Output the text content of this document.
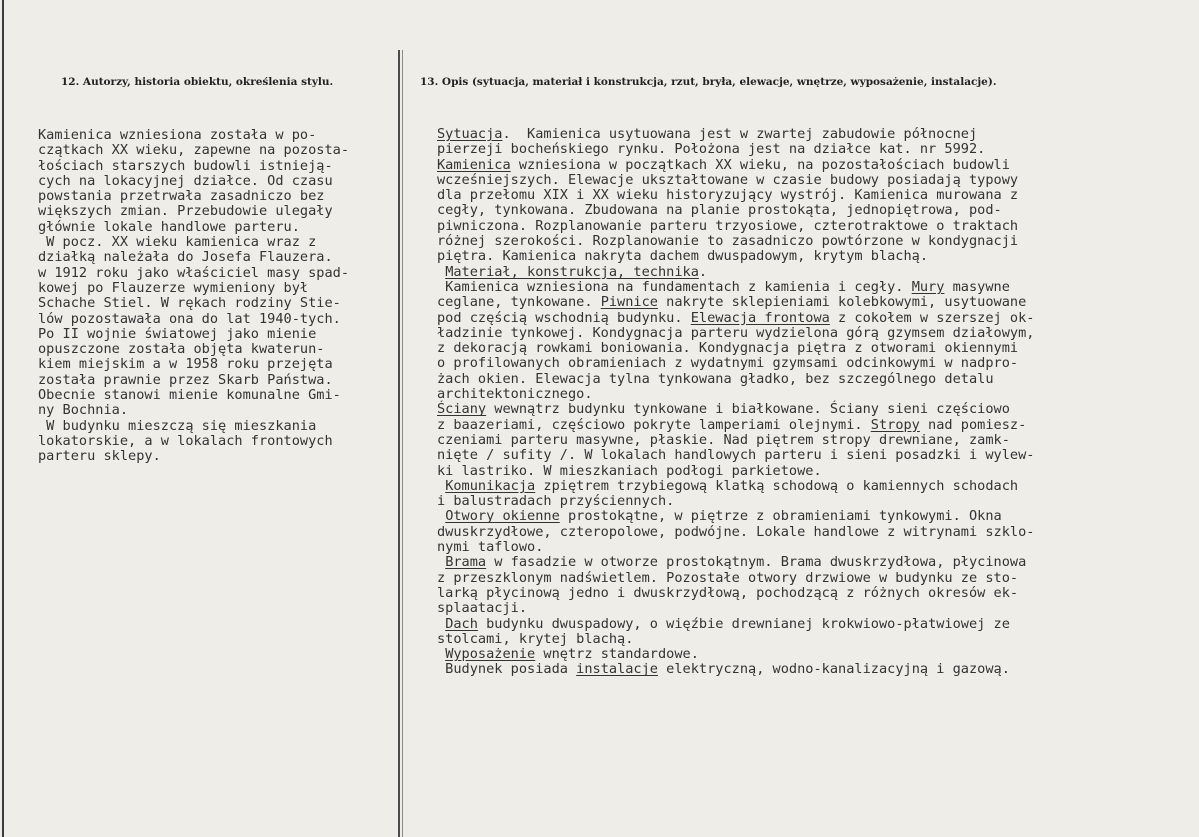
12. Autorzy, historia obiektu, określenia stylu.	13. Opis (sytuacja, materiał i konstrukcja, rzut, bryła, elewacje, wnętrze, wyposażenie, instalacje).
Kamienica wzniesiona została w po-
czątkach XX wieku, zapewne na pozosta-
łościach starszych budowli istnieją-
cych na lokacyjnej działce. Od czasu
powstania przetrwała zasadniczo bez
większych zmian. Przebudowie ulegały
głównie lokale handlowe parteru.
W pocz. XX wieku kamienica wraz z
działką należała do Josefa Flauzera.
w 1912 roku jako właściciel masy spad-
kowej po Flauzerze wymieniony był
Schache Stiel. W rękach rodziny Stie-
lów pozostawała ona do lat 1940-tych.
Po II wojnie światowej jako mienie
opuszczone została objęta kwaterun-
kiem miejskim a w 1958 roku przejęta
została prawnie przez Skarb Państwa.
Obecnie stanowi mienie komunalne Gmi-
ny Bochnia.
W budynku mieszczą się mieszkania
lokatorskie, a w lokalach frontowych
parteru sklepy.
Sytuacja.  Kamienica usytuowana jest w zwartej zabudowie północnej
pierzeji bocheńskiego rynku. Położona jest na działce kat. nr 5992.
Kamienica wzniesiona w początkach XX wieku, na pozostałościach budowli
wcześniejszych. Elewacje ukształtowane w czasie budowy posiadają typowy
dla przełomu XIX i XX wieku historyzujący wystrój. Kamienica murowana z
cegły, tynkowana. Zbudowana na planie prostokąta, jednopiętrowa, pod-
piwniczona. Rozplanowanie parteru trzyosiowe, czterotraktowe o traktach
różnej szerokości. Rozplanowanie to zasadniczo powtórzone w kondygnacji
piętra. Kamienica nakryta dachem dwuspadowym, krytym blachą.
Materiał, konstrukcja, technika.
Kamienica wzniesiona na fundamentach z kamienia i cegły. Mury masywne
ceglane, tynkowane. Piwnice nakryte sklepieniami kolebkowymi, usytuowane
pod częścią wschodnią budynku. Elewacja frontowa z cokołem w szerszej ok-
ładzinie tynkowej. Kondygnacja parteru wydzielona górą gzymsem działowym,
z dekoracją rowkami boniowania. Kondygnacja piętra z otworami okiennymi
o profilowanych obramieniach z wydatnymi gzymsami odcinkowymi w nadpro-
żach okien. Elewacja tylna tynkowana gładko, bez szczególnego detalu
architektonicznego.
Ściany wewnątrz budynku tynkowane i białkowane. Ściany sieni częściowo
z baazeriami, częściowo pokryte lamperiami olejnymi. Stropy nad pomiesz-
czeniami parteru masywne, płaskie. Nad piętrem stropy drewniane, zamk-
nięte / sufity /. W lokalach handlowych parteru i sieni posadzki i wylew-
ki lastriko. W mieszkaniach podłogi parkietowe.
Komunikacja zpiętrem trzybiegową klatką schodową o kamiennych schodach
i balustradach przyściennych.
Otwory okienne prostokątne, w piętrze z obramieniami tynkowymi. Okna
dwuskrzydłowe, czteropolowe, podwójne. Lokale handlowe z witrynami szklo-
nymi taflowo.
Brama w fasadzie w otworze prostokątnym. Brama dwuskrzydłowa, płycinowa
z przeszklonym nadświetlem. Pozostałe otwory drzwiowe w budynku ze sto-
larką płycinową jedno i dwuskrzydłową, pochodzącą z różnych okresów ek-
splaatacji.
Dach budynku dwuspadowy, o więźbie drewnianej krokwiowo-płatwiowej ze
stolcami, krytej blachą.
Wyposażenie wnętrz standardowe.
Budynek posiada instalacje elektryczną, wodno-kanalizacyjną i gazową.
